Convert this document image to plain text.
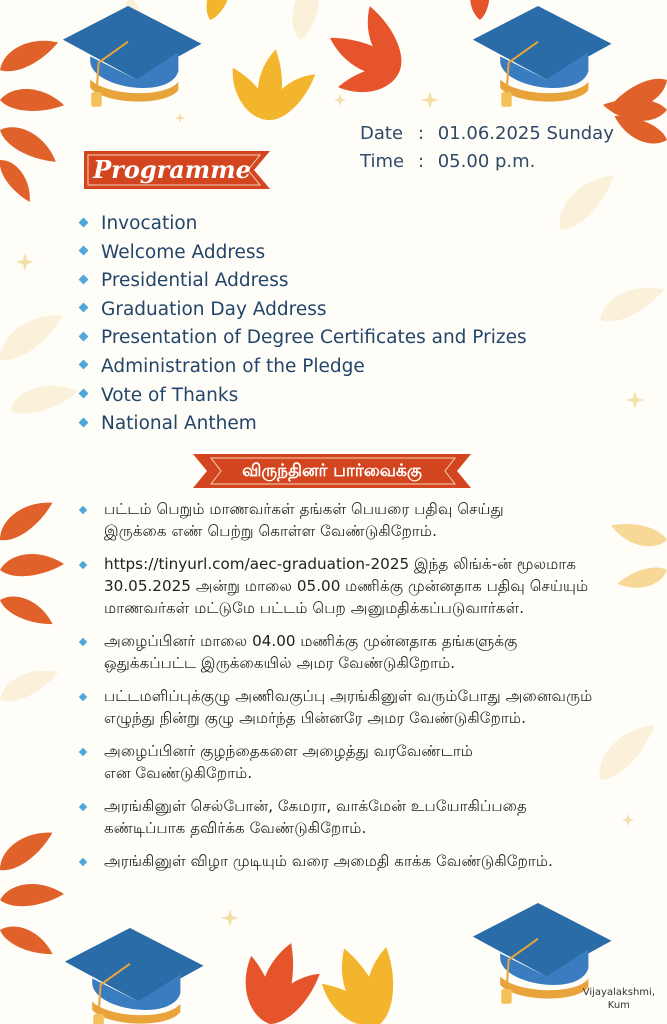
Date : 01.06.2025 Sunday
Time : 05.00 p.m.
Programme
Invocation
Welcome Address
Presidential Address
Graduation Day Address
Presentation of Degree Certificates and Prizes
Administration of the Pledge
Vote of Thanks
National Anthem
விருந்தினர் பார்வைக்கு
பட்டம் பெறும் மாணவர்கள் தங்கள் பெயரை பதிவு செய்து
இருக்கை எண் பெற்று கொள்ள வேண்டுகிறோம்.
https://tinyurl.com/aec-graduation-2025 இந்த லிங்க்-ன் மூலமாக
30.05.2025 அன்று மாலை 05.00 மணிக்கு முன்னதாக பதிவு செய்யும்
மாணவர்கள் மட்டுமே பட்டம் பெற அனுமதிக்கப்படுவார்கள்.
அழைப்பினர் மாலை 04.00 மணிக்கு முன்னதாக தங்களுக்கு
ஒதுக்கப்பட்ட இருக்கையில் அமர வேண்டுகிறோம்.
பட்டமளிப்புக்குழு அணிவகுப்பு அரங்கினுள் வரும்போது அனைவரும்
எழுந்து நின்று குழு அமர்ந்த பின்னரே அமர வேண்டுகிறோம்.
அழைப்பினர் குழந்தைகளை அழைத்து வரவேண்டாம்
என வேண்டுகிறோம்.
அரங்கினுள் செல்போன், கேமரா, வாக்மேன் உபயோகிப்பதை
கண்டிப்பாக தவிர்க்க வேண்டுகிறோம்.
அரங்கினுள் விழா முடியும் வரை அமைதி காக்க வேண்டுகிறோம்.
Vijayalakshmi,
Kum
